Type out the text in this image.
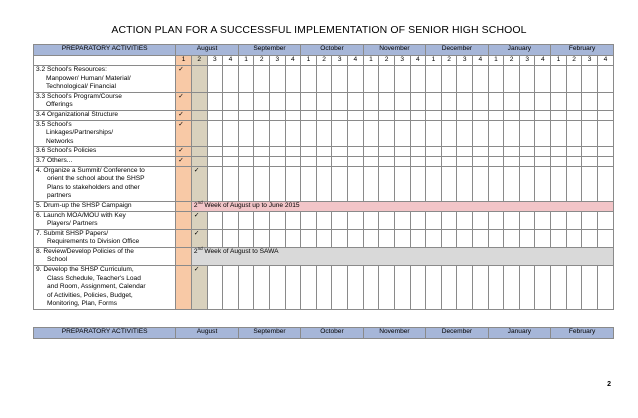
ACTION PLAN FOR A SUCCESSFUL IMPLEMENTATION OF SENIOR HIGH SCHOOL
PREPARATORY ACTIVITIES	August				September				October				November				December				January				February			
	1	2	3	4	1	2	3	4	1	2	3	4	1	2	3	4	1	2	3	4	1	2	3	4	1	2	3	4
3.2 School's Resources:
Manpower/ Human/ Material/
Technological/ Financial	✓																											
3.3 School's Program/Course
Offerings	✓																											
3.4 Organizational Structure	✓																											
3.5 School's
Linkages/Partnerships/
Networks	✓																											
3.6 School's Policies	✓																											
3.7 Others...	✓																											
4. Organize a Summit/ Conference to
orient the school about the SHSP
Plans to stakeholders and other
partners		✓																										
5. Drum-up the SHSP Campaign		2nd Week of August up to June 2015																										
6. Launch MOA/MOU with Key
Players/ Partners		✓																										
7. Submit SHSP Papers/
Requirements to Division Office		✓																										
8. Review/Develop Policies of the
School		2nd Week of August to SAWA																										
9. Develop the SHSP Curriculum,
Class Schedule, Teacher's Load
and Room, Assignment, Calendar
of Activities, Policies, Budget,
Monitoring, Plan, Forms		✓																										

PREPARATORY ACTIVITIES	August				September				October				November				December				January				February			
2
